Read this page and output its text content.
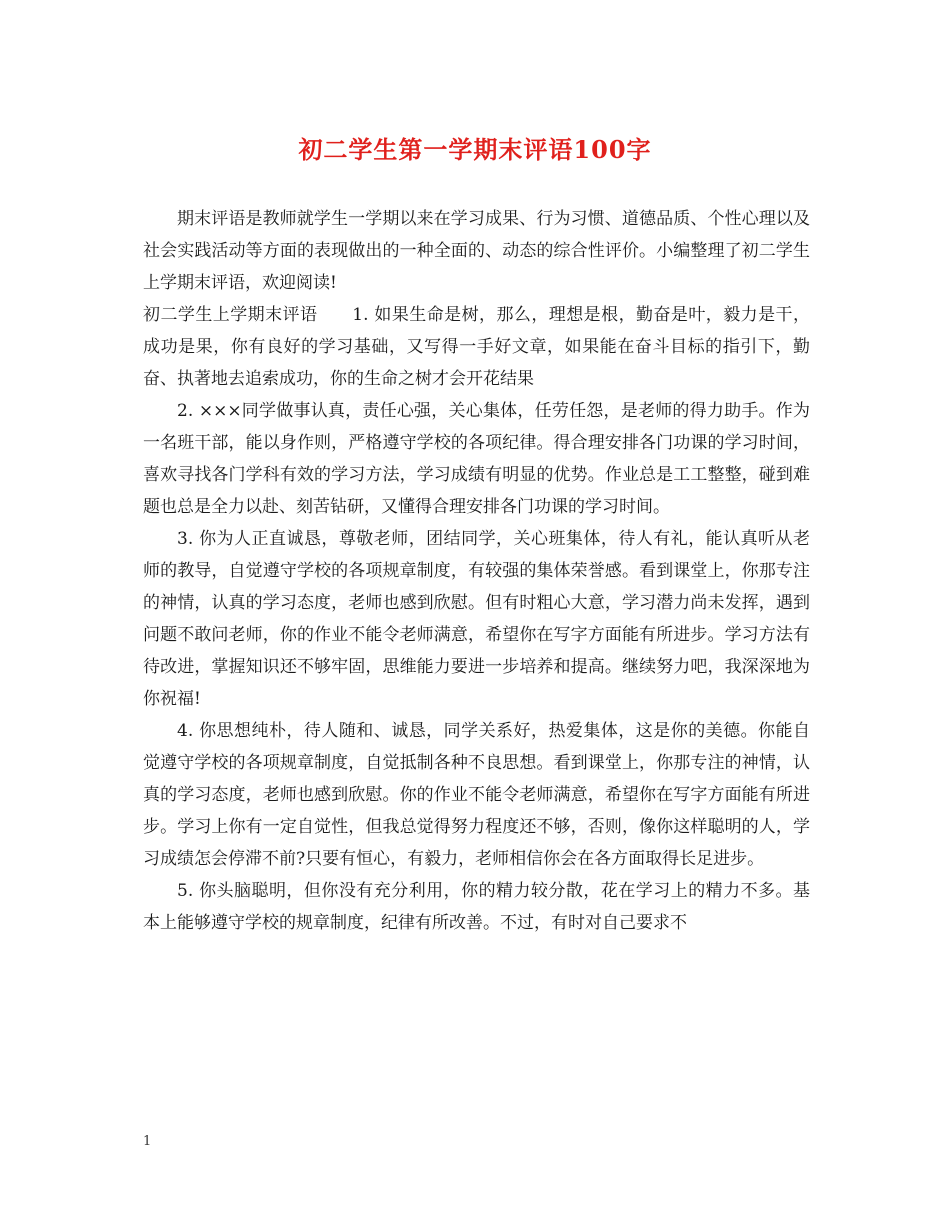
初二学生第一学期末评语100字

期末评语是教师就学生一学期以来在学习成果、行为习惯、道德品质、个性心理以及社会实践活动等方面的表现做出的一种全面的、动态的综合性评价。小编整理了初二学生上学期末评语，欢迎阅读!

初二学生上学期末评语　　1. 如果生命是树，那么，理想是根，勤奋是叶，毅力是干，成功是果，你有良好的学习基础，又写得一手好文章，如果能在奋斗目标的指引下，勤奋、执著地去追索成功，你的生命之树才会开花结果

2. ×××同学做事认真，责任心强，关心集体，任劳任怨，是老师的得力助手。作为一名班干部，能以身作则，严格遵守学校的各项纪律。得合理安排各门功课的学习时间，喜欢寻找各门学科有效的学习方法，学习成绩有明显的优势。作业总是工工整整，碰到难题也总是全力以赴、刻苦钻研，又懂得合理安排各门功课的学习时间。

3. 你为人正直诚恳，尊敬老师，团结同学，关心班集体，待人有礼，能认真听从老师的教导，自觉遵守学校的各项规章制度，有较强的集体荣誉感。看到课堂上，你那专注的神情，认真的学习态度，老师也感到欣慰。但有时粗心大意，学习潜力尚未发挥，遇到问题不敢问老师，你的作业不能令老师满意，希望你在写字方面能有所进步。学习方法有待改进，掌握知识还不够牢固，思维能力要进一步培养和提高。继续努力吧，我深深地为你祝福!

4. 你思想纯朴，待人随和、诚恳，同学关系好，热爱集体，这是你的美德。你能自觉遵守学校的各项规章制度，自觉抵制各种不良思想。看到课堂上，你那专注的神情，认真的学习态度，老师也感到欣慰。你的作业不能令老师满意，希望你在写字方面能有所进步。学习上你有一定自觉性，但我总觉得努力程度还不够，否则，像你这样聪明的人，学习成绩怎会停滞不前?只要有恒心，有毅力，老师相信你会在各方面取得长足进步。

5. 你头脑聪明，但你没有充分利用，你的精力较分散，花在学习上的精力不多。基本上能够遵守学校的规章制度，纪律有所改善。不过，有时对自己要求不

1
